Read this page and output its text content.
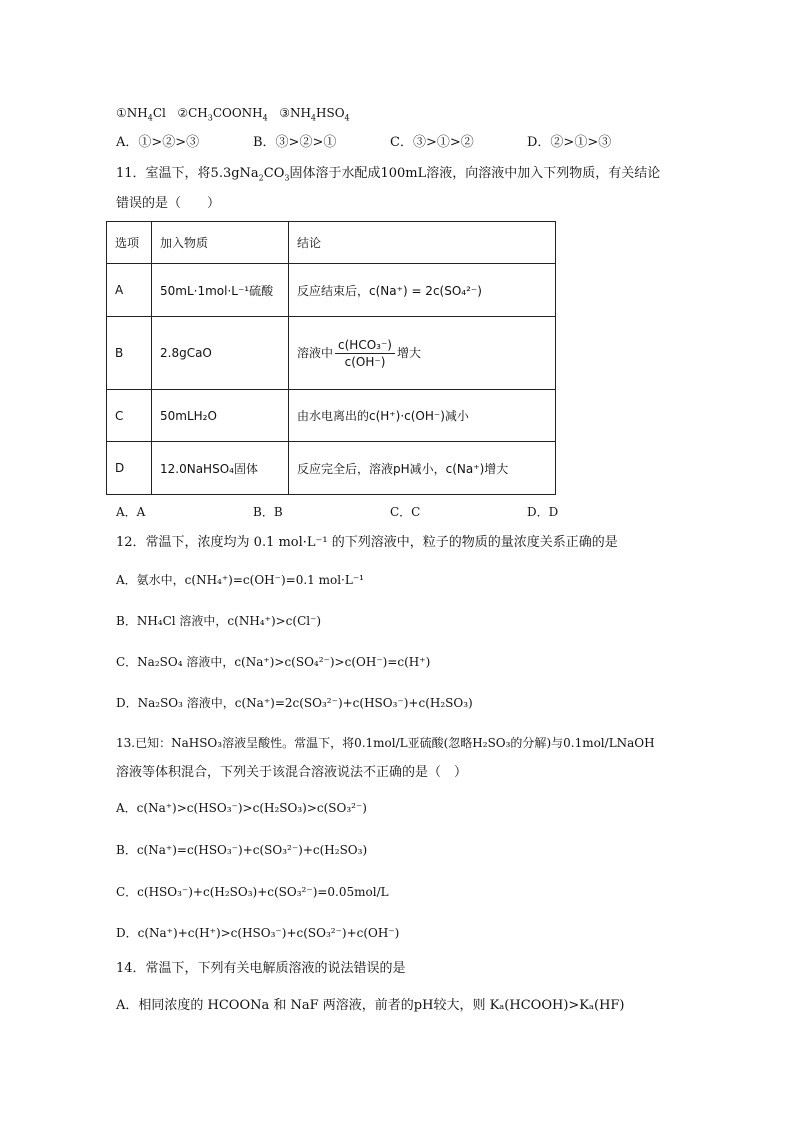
$①NH_4Cl$ $②CH_3COONH_4$ $③NH_4HSO_4$
A．①>②>③	B．③>②>①	C．③>①>②	D．②>①>③
11．室温下，将$5.3gNa_2CO_3$固体溶于水配成100mL溶液，向溶液中加入下列物质，有关结论
错误的是（　　）
选项	加入物质	结论
A	50mL·1mol·L⁻¹硫酸	反应结束后，c(Na⁺) = 2c(SO₄²⁻)
B	2.8gCaO	溶液中 $\frac{\text{c(HCO₃⁻)}}{c(OH^-)}$ 增大
C	50mLH₂O	由水电离出的c(H⁺)·c(OH⁻)减小
D	12.0NaHSO₄固体	反应完全后，溶液pH减小，c(Na⁺)增大
A．A	B．B	C．C	D．D
12．常温下，浓度均为 0.1 mol·L⁻¹ 的下列溶液中，粒子的物质的量浓度关系正确的是
A．氨水中，c(NH₄⁺)=c(OH⁻)=0.1 mol·L⁻¹
B．NH₄Cl 溶液中，c(NH₄⁺)>c(Cl⁻)
C．Na₂SO₄ 溶液中，c(Na⁺)>c(SO₄²⁻)>c(OH⁻)=c(H⁺)
D．Na₂SO₃ 溶液中，c(Na⁺)=2c(SO₃²⁻)+c(HSO₃⁻)+c(H₂SO₃)
13.已知：NaHSO₃溶液呈酸性。常温下，将0.1mol/L亚硫酸(忽略H₂SO₃的分解)与0.1mol/LNaOH
溶液等体积混合，下列关于该混合溶液说法不正确的是（　）
A．c(Na⁺)>c(HSO₃⁻)>c(H₂SO₃)>c(SO₃²⁻)
B．c(Na⁺)=c(HSO₃⁻)+c(SO₃²⁻)+c(H₂SO₃)
C．c(HSO₃⁻)+c(H₂SO₃)+c(SO₃²⁻)=0.05mol/L
D．c(Na⁺)+c(H⁺)>c(HSO₃⁻)+c(SO₃²⁻)+c(OH⁻)
14．常温下，下列有关电解质溶液的说法错误的是
A．相同浓度的 HCOONa 和 NaF 两溶液，前者的pH较大，则 Kₐ(HCOOH)>Kₐ(HF)
